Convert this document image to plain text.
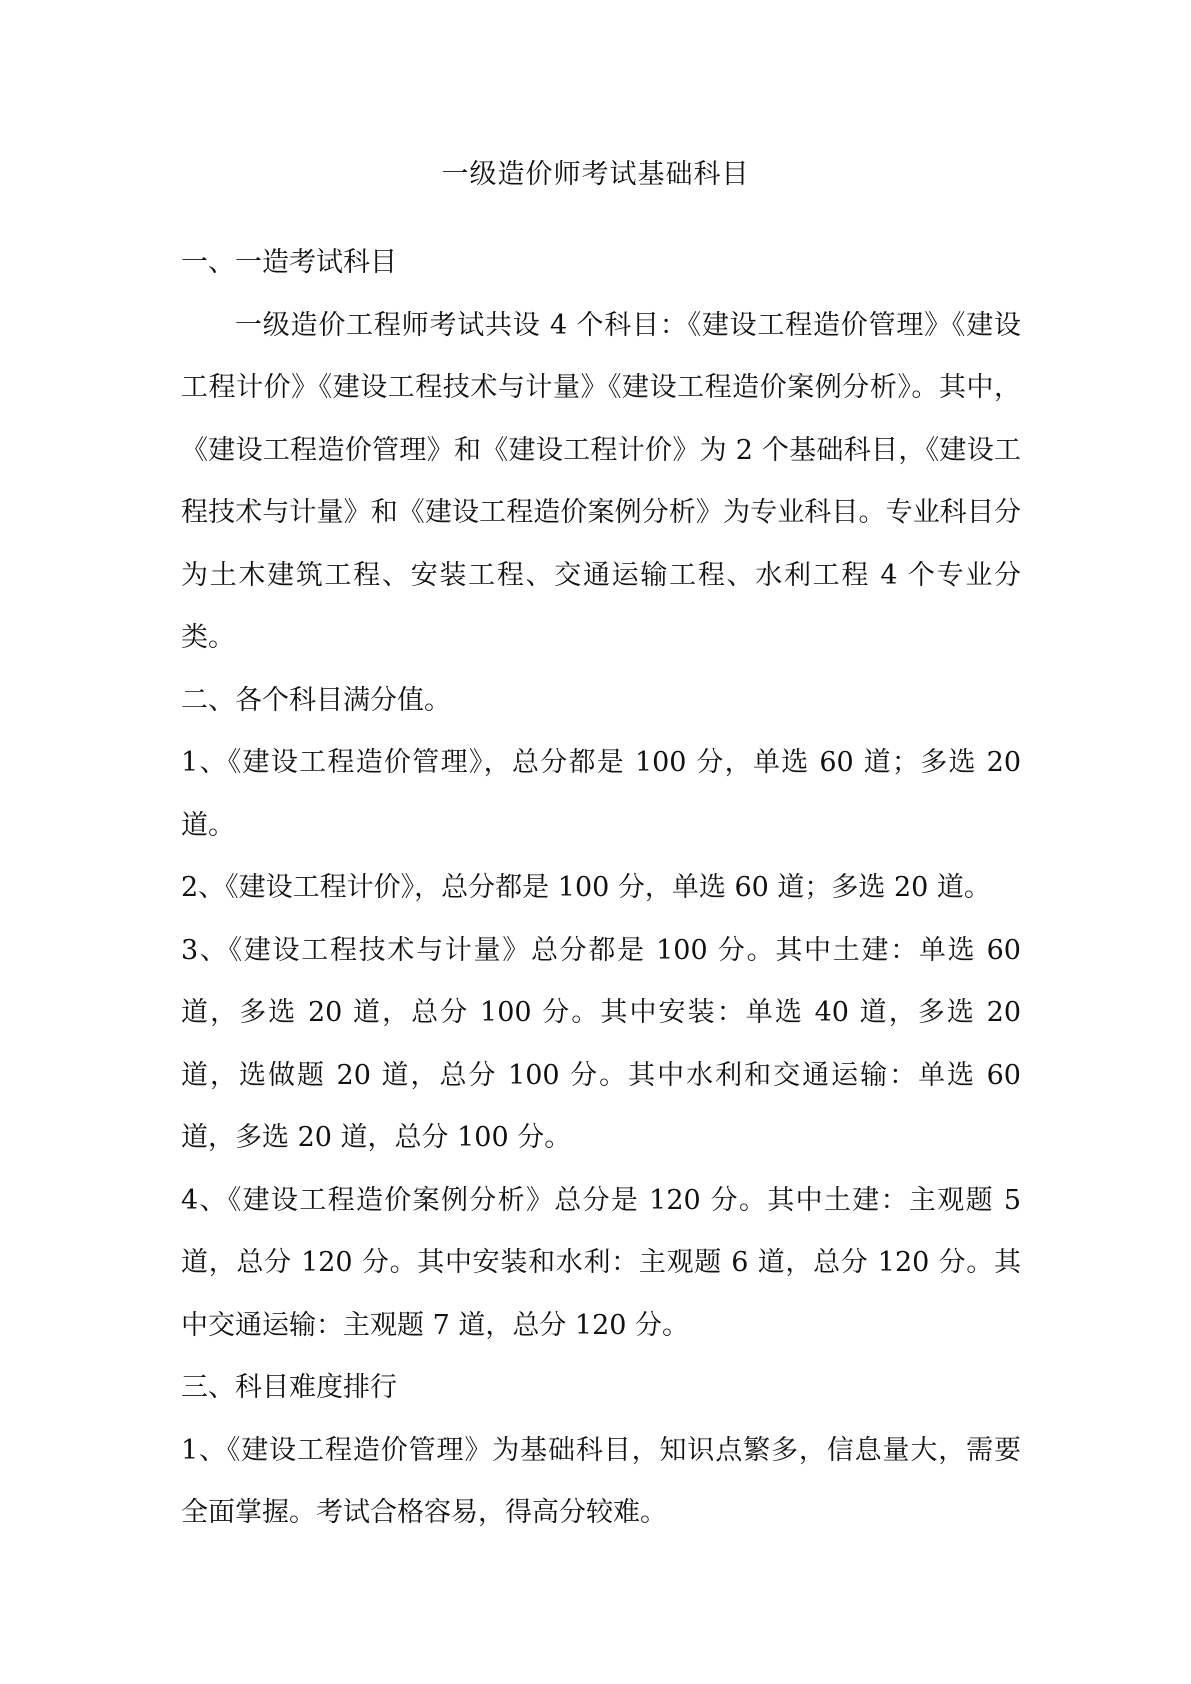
一级造价师考试基础科目

一、一造考试科目

一级造价工程师考试共设 4 个科目：《建设工程造价管理》《建设工程计价》《建设工程技术与计量》《建设工程造价案例分析》。其中，《建设工程造价管理》和《建设工程计价》为 2 个基础科目，《建设工程技术与计量》和《建设工程造价案例分析》为专业科目。专业科目分为土木建筑工程、安装工程、交通运输工程、水利工程 4 个专业分类。

二、各个科目满分值。

1、《建设工程造价管理》，总分都是 100 分，单选 60 道；多选 20 道。

2、《建设工程计价》，总分都是 100 分，单选 60 道；多选 20 道。

3、《建设工程技术与计量》总分都是 100 分。其中土建：单选 60 道，多选 20 道，总分 100 分。其中安装：单选 40 道，多选 20 道，选做题 20 道，总分 100 分。其中水利和交通运输：单选 60 道，多选 20 道，总分 100 分。

4、《建设工程造价案例分析》总分是 120 分。其中土建：主观题 5 道，总分 120 分。其中安装和水利：主观题 6 道，总分 120 分。其中交通运输：主观题 7 道，总分 120 分。

三、科目难度排行

1、《建设工程造价管理》为基础科目，知识点繁多，信息量大，需要全面掌握。考试合格容易，得高分较难。
